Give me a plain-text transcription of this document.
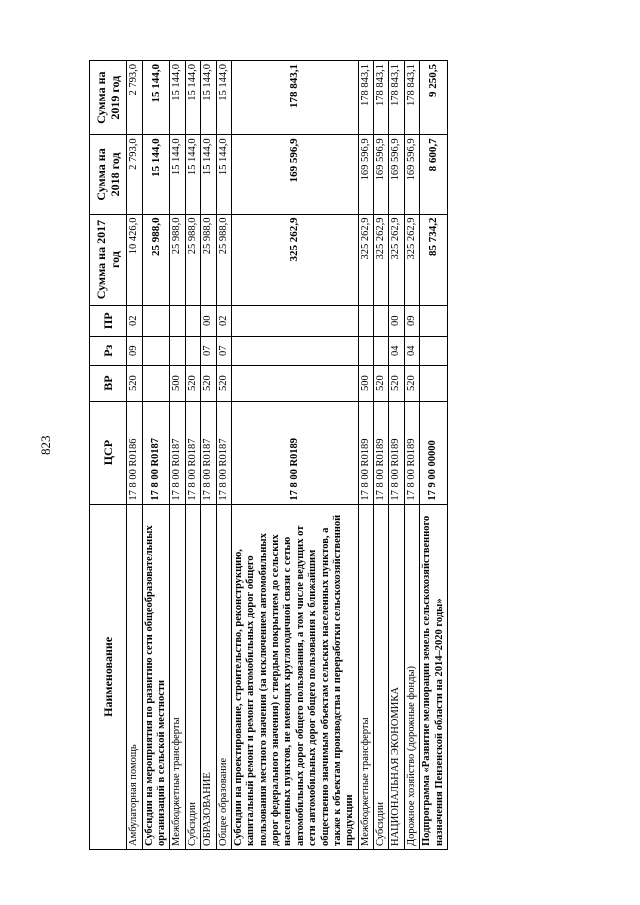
823
Наименование	ЦСР	ВР	Рз	ПР	Сумма на 2017 год	Сумма на 2018 год	Сумма на 2019 год
Амбулаторная помощь	17 8 00 R0186	520	09	02	10 426,0	2 793,0	2 793,0
Субсидии на мероприятия по развитию сети общеобразовательных организаций в сельской местности	17 8 00 R0187				25 988,0	15 144,0	15 144,0
Межбюджетные трансферты	17 8 00 R0187	500			25 988,0	15 144,0	15 144,0
Субсидии	17 8 00 R0187	520			25 988,0	15 144,0	15 144,0
ОБРАЗОВАНИЕ	17 8 00 R0187	520	07	00	25 988,0	15 144,0	15 144,0
Общее образование	17 8 00 R0187	520	07	02	25 988,0	15 144,0	15 144,0
Субсидии на проектирование, строительство, реконструкцию, капитальный ремонт и ремонт автомобильных дорог общего пользования местного значения (за исключением автомобильных дорог федерального значения) с твердым покрытием до сельских населенных пунктов, не имеющих круглогодичной связи с сетью автомобильных дорог общего пользования, а том числе ведущих от сети автомобильных дорог общего пользования к ближайшим общественно значимым объектам сельских населенных пунктов, а также к объектам производства и переработки сельскохозяйственной продукции	17 8 00 R0189				325 262,9	169 596,9	178 843,1
Межбюджетные трансферты	17 8 00 R0189	500			325 262,9	169 596,9	178 843,1
Субсидии	17 8 00 R0189	520			325 262,9	169 596,9	178 843,1
НАЦИОНАЛЬНАЯ ЭКОНОМИКА	17 8 00 R0189	520	04	00	325 262,9	169 596,9	178 843,1
Дорожное хозяйство (дорожные фонды)	17 8 00 R0189	520	04	09	325 262,9	169 596,9	178 843,1
Подпрограмма «Развитие мелиорации земель сельскохозяйственного назначения Пензенской области на 2014–2020 годы»	17 9 00 00000				85 734,2	8 600,7	9 250,5
